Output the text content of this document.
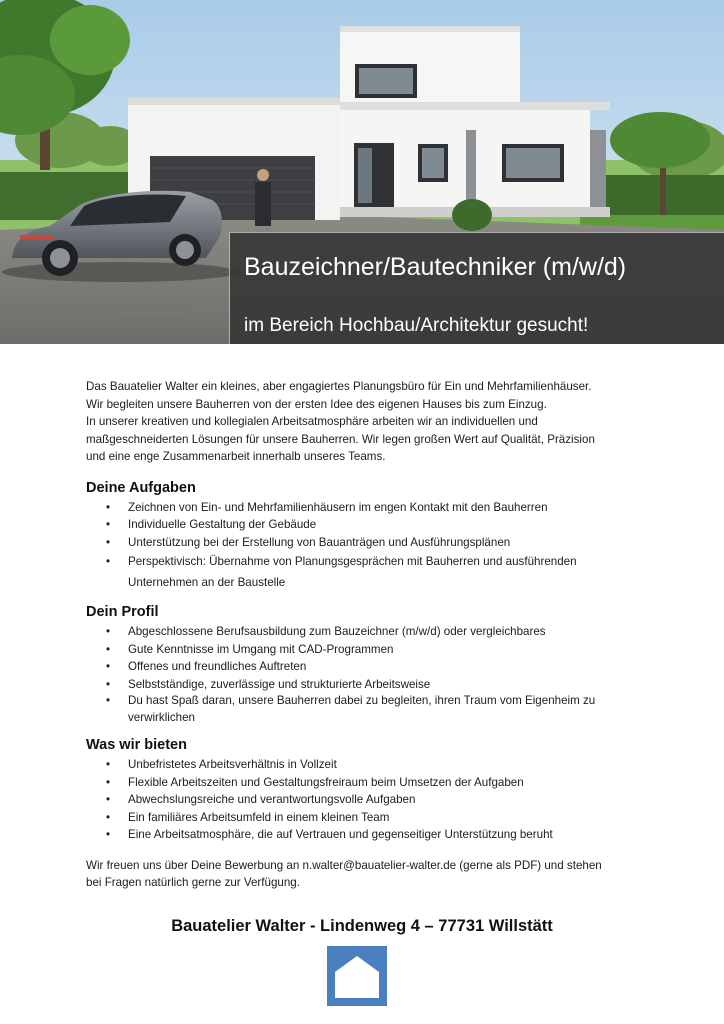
Bauzeichner/Bautechniker (m/w/d)

im Bereich Hochbau/Architektur gesucht!

Das Bauatelier Walter ein kleines, aber engagiertes Planungsbüro für Ein und Mehrfamilienhäuser.
Wir begleiten unsere Bauherren von der ersten Idee des eigenen Hauses bis zum Einzug.
In unserer kreativen und kollegialen Arbeitsatmosphäre arbeiten wir an individuellen und
maßgeschneiderten Lösungen für unsere Bauherren. Wir legen großen Wert auf Qualität, Präzision
und eine enge Zusammenarbeit innerhalb unseres Teams.

Deine Aufgaben
• Zeichnen von Ein- und Mehrfamilienhäusern im engen Kontakt mit den Bauherren
• Individuelle Gestaltung der Gebäude
• Unterstützung bei der Erstellung von Bauanträgen und Ausführungsplänen
• Perspektivisch: Übernahme von Planungsgesprächen mit Bauherren und ausführenden Unternehmen an der Baustelle
Dein Profil
• Abgeschlossene Berufsausbildung zum Bauzeichner (m/w/d) oder vergleichbares
• Gute Kenntnisse im Umgang mit CAD-Programmen
• Offenes und freundliches Auftreten
• Selbstständige, zuverlässige und strukturierte Arbeitsweise
• Du hast Spaß daran, unsere Bauherren dabei zu begleiten, ihren Traum vom Eigenheim zu verwirklichen
Was wir bieten
• Unbefristetes Arbeitsverhältnis in Vollzeit
• Flexible Arbeitszeiten und Gestaltungsfreiraum beim Umsetzen der Aufgaben
• Abwechslungsreiche und verantwortungsvolle Aufgaben
• Ein familiäres Arbeitsumfeld in einem kleinen Team
• Eine Arbeitsatmosphäre, die auf Vertrauen und gegenseitiger Unterstützung beruht

Wir freuen uns über Deine Bewerbung an n.walter@bauatelier-walter.de (gerne als PDF) und stehen
bei Fragen natürlich gerne zur Verfügung.

Bauatelier Walter - Lindenweg 4 – 77731 Willstätt
